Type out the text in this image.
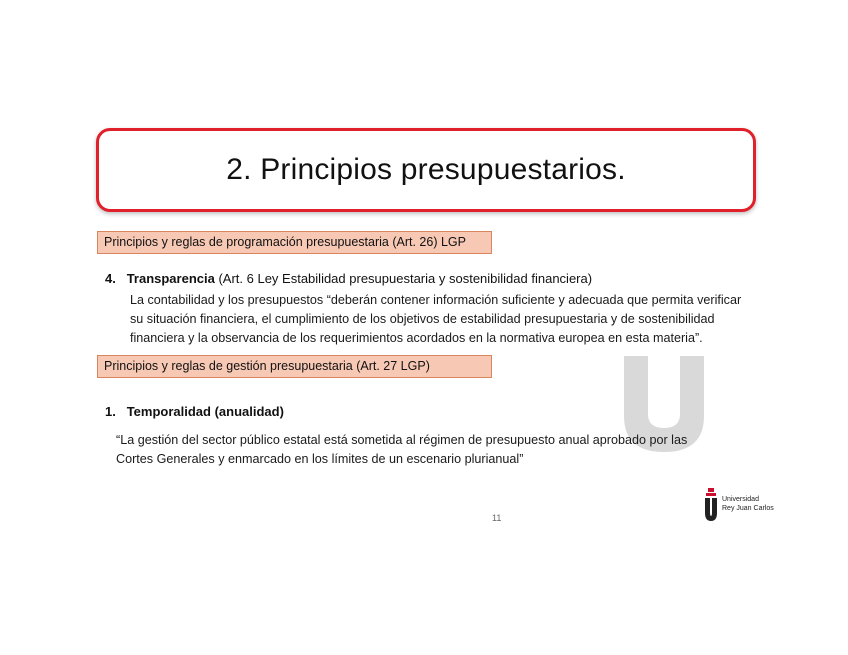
2. Principios presupuestarios.
Principios y reglas de programación presupuestaria (Art. 26) LGP
4. Transparencia (Art. 6 Ley Estabilidad presupuestaria y sostenibilidad financiera)
La contabilidad y los presupuestos “deberán contener información suficiente y adecuada que permita verificar
su situación financiera, el cumplimiento de los objetivos de estabilidad presupuestaria y de sostenibilidad
financiera y la observancia de los requerimientos acordados en la normativa europea en esta materia”.
Principios y reglas de gestión presupuestaria (Art. 27 LGP)
1. Temporalidad (anualidad)
“La gestión del sector público estatal está sometida al régimen de presupuesto anual aprobado por las
Cortes Generales y enmarcado en los límites de un escenario plurianual”
11
Universidad
Rey Juan Carlos
